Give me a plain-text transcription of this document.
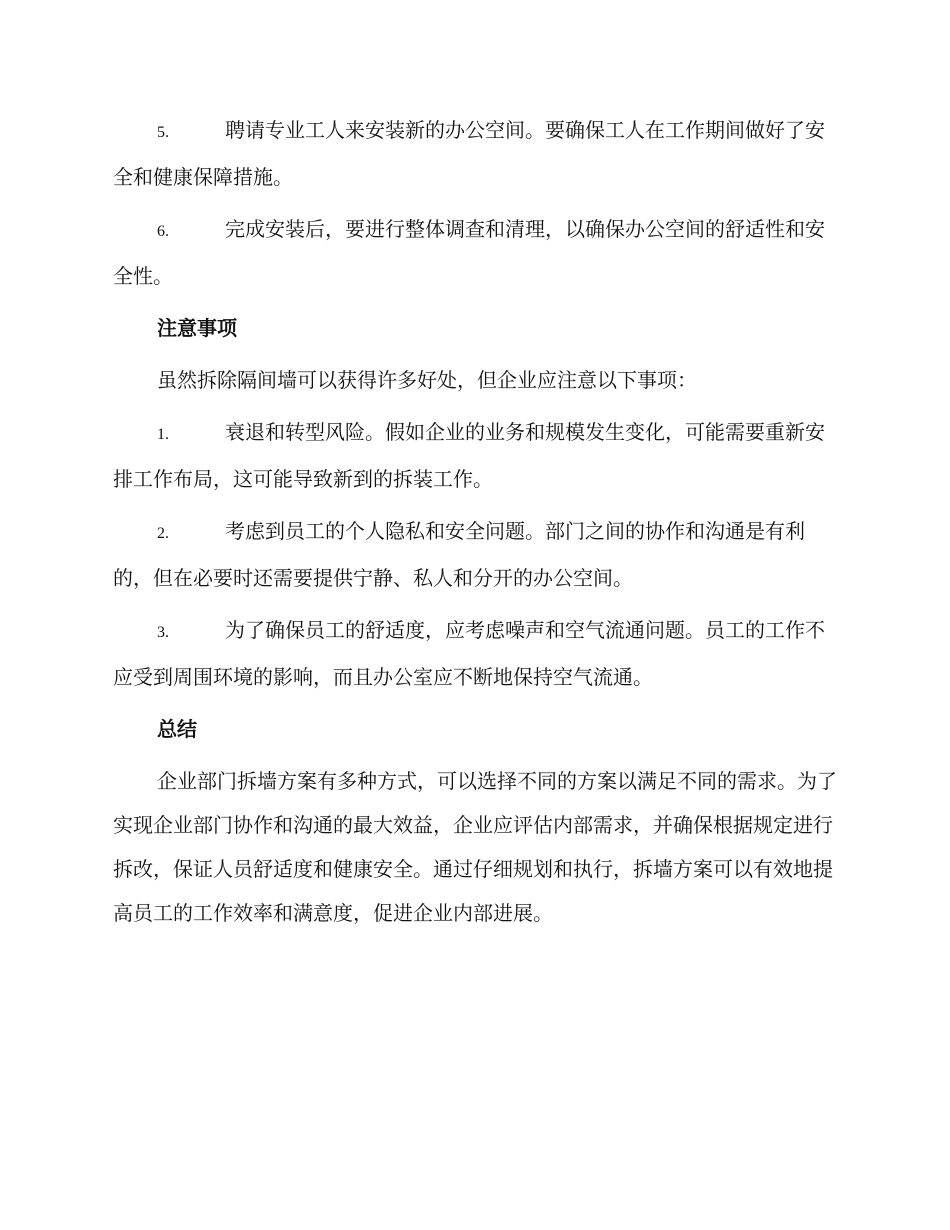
5.	聘请专业工人来安装新的办公空间。要确保工人在工作期间做好了安全和健康保障措施。
6.	完成安装后，要进行整体调查和清理，以确保办公空间的舒适性和安全性。
注意事项
虽然拆除隔间墙可以获得许多好处，但企业应注意以下事项：
1.	衰退和转型风险。假如企业的业务和规模发生变化，可能需要重新安排工作布局，这可能导致新到的拆装工作。
2.	考虑到员工的个人隐私和安全问题。部门之间的协作和沟通是有利的，但在必要时还需要提供宁静、私人和分开的办公空间。
3.	为了确保员工的舒适度，应考虑噪声和空气流通问题。员工的工作不应受到周围环境的影响，而且办公室应不断地保持空气流通。
总结
企业部门拆墙方案有多种方式，可以选择不同的方案以满足不同的需求。为了实现企业部门协作和沟通的最大效益，企业应评估内部需求，并确保根据规定进行拆改，保证人员舒适度和健康安全。通过仔细规划和执行，拆墙方案可以有效地提高员工的工作效率和满意度，促进企业内部进展。
